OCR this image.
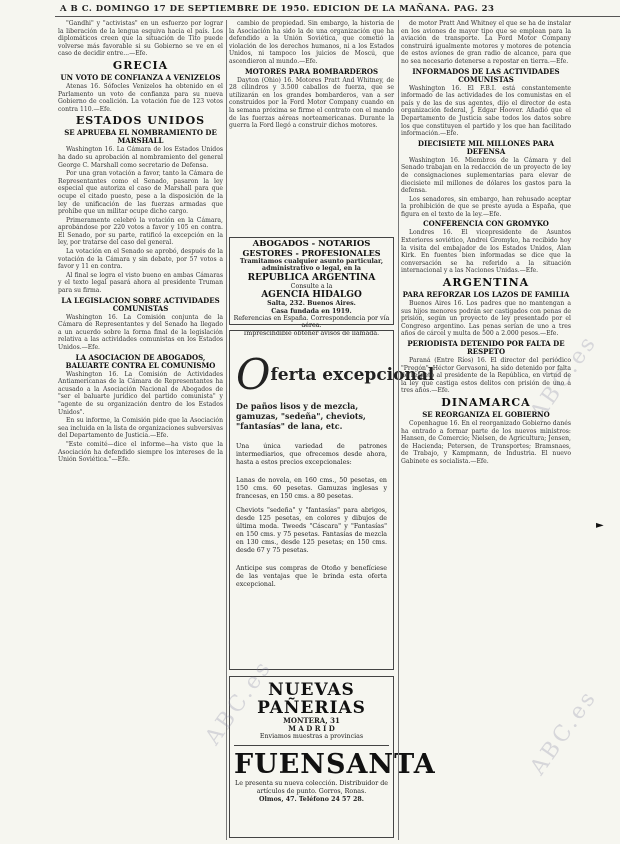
A B C. DOMINGO 17 DE SEPTIEMBRE DE 1950. EDICION DE LA MAÑANA. PAG. 23

"Gandhi" y "activistas" en un esfuerzo por lograr la liberación de la lengua esquiva hacia el país. Los diplomáticos creen que la situación de Tito puede volverse más favorable si su Gobierno se ve en el caso de decidir entre...—Efe.

GRECIA
UN VOTO DE CONFIANZA A VENIZELOS

Atenas 16. Sófocles Venizelos ha obtenido en el Parlamento un voto de confianza para su nueva Gobierno de coalición. La votación fue de 123 votos contra 110.—Efe.

ESTADOS UNIDOS
SE APRUEBA EL NOMBRAMIENTO DE MARSHALL

Washington 16. La Cámara de los Estados Unidos ha dado su aprobación al nombramiento del general George C. Marshall como secretario de Defensa.

Por una gran votación a favor, tanto la Cámara de Representantes como el Senado, pasaron la ley especial que autoriza el caso de Marshall para que ocupe el citado puesto, pese a la disposición de la ley de unificación de las fuerzas armadas que prohíbe que un militar ocupe dicho cargo.

Primeramente celebró la votación en la Cámara, aprobándose por 220 votos a favor y 105 en contra. El Senado, por su parte, ratificó la excepción en la ley, por tratarse del caso del general.

La votación en el Senado se aprobó, después de la votación de la Cámara y sin debate, por 57 votos a favor y 11 en contra.

Al final se logra el visto bueno en ambas Cámaras y el texto legal pasará ahora al presidente Truman para su firma.

LA LEGISLACION SOBRE ACTIVIDADES COMUNISTAS

Washington 16. La Comisión conjunta de la Cámara de Representantes y del Senado ha llegado a un acuerdo sobre la forma final de la legislación relativa a las actividades comunistas en los Estados Unidos.—Efe.

LA ASOCIACION DE ABOGADOS, BALUARTE CONTRA EL COMUNISMO

Washington 16. La Comisión de Actividades Antiamericanas de la Cámara de Representantes ha acusado a la Asociación Nacional de Abogados de "ser el baluarte jurídico del partido comunista" y "agente de su organización dentro de los Estados Unidos".

En su informe, la Comisión pide que la Asociación sea incluida en la lista de organizaciones subversivas del Departamento de Justicia.—Efe.

"Este comité—dice el informe—ha visto que la Asociación ha defendido siempre los intereses de la Unión Soviética."—Efe.

cambio de propiedad. Sin embargo, la historia de la Asociación ha sido la de una organización que ha defendido a la Unión Soviética, que cometió la violación de los derechos humanos, ni a los Estados Unidos, ni tampoco los juicios de Moscú, que ascendieron al mundo.—Efe.

MOTORES PARA BOMBARDEROS

Dayton (Ohio) 16. Motores Pratt And Whitney, de 28 cilindros y 3.500 caballos de fuerza, que se utilizarán en los grandes bombarderos, van a ser construidos por la Ford Motor Company cuando en la semana próxima se firme el contrato con el mando de las fuerzas aéreas norteamericanas. Durante la guerra la Ford llegó a construir dichos motores.

ABOGADOS - NOTARIOS
GESTORES - PROFESIONALES
Tramitamos cualquier asunto particular, administrativo o legal, en la
REPUBLICA ARGENTINA
Consulte a la
AGENCIA HIDALGO
Salta, 232. Buenos Aires.
Casa fundada en 1919.
Referencias en España. Correspondencia por vía aérea.
Imprescindible obtener avisos de llamada.
Oferta excepcional
De paños lisos y de mezcla, gamuzas, "sedeña", cheviots, "fantasías" de lana, etc.
Una única variedad de patrones intermediarios, que ofrecemos desde ahora, hasta a estos precios excepcionales:
Lanas de novela, en 160 cms., 50 pesetas, en 150 cms. 60 pesetas. Gamuzas inglesas y francesas, en 150 cms. a 80 pesetas.
Cheviots "sedeña" y "fantasías" para abrigos, desde 125 pesetas, en colores y dibujos de última moda. Tweeds "Cáscara" y "Fantasías" en 150 cms. y 75 pesetas. Fantasías de mezcla en 130 cms., desde 125 pesetas; en 150 cms. desde 67 y 75 pesetas.
Anticipe sus compras de Otoño y benefíciese de las ventajas que le brinda esta oferta excepcional.
NUEVAS PAÑERIAS
MONTERA, 31
M A D R I D
Enviamos muestras a provincias
FUENSANTA
Le presenta su nueva colección. Distribuidor de artículos de punto. Gorros, Ronas.
Olmos, 47. Teléfono 24 57 28.

de motor Pratt And Whitney el que se ha de instalar en los aviones de mayor tipo que se emplean para la aviación de transporte. La Ford Motor Company construirá igualmente motores y motores de potencia de estos aviones de gran radio de alcance, para que no sea necesario detenerse a repostar en tierra.—Efe.

INFORMADOS DE LAS ACTIVIDADES COMUNISTAS

Washington 16. El F.B.I. está constantemente informado de las actividades de los comunistas en el país y de las de sus agentes, dijo el director de esta organización federal, J. Edgar Hoover. Añadió que el Departamento de Justicia sabe todos los datos sobre los que constituyen el partido y los que han facilitado información.—Efe.

DIECISIETE MIL MILLONES PARA DEFENSA

Washington 16. Miembros de la Cámara y del Senado trabajan en la redacción de un proyecto de ley de consignaciones suplementarias para elevar de diecisiete mil millones de dólares los gastos para la defensa.

Los senadores, sin embargo, han rehusado aceptar la prohibición de que se preste ayuda a España, que figura en el texto de la ley.—Efe.

CONFERENCIA CON GROMYKO

Londres 16. El vicepresidente de Asuntos Exteriores soviético, Andrei Gromyko, ha recibido hoy la visita del embajador de los Estados Unidos, Alan Kirk. En fuentes bien informadas se dice que la conversación se ha referido a la situación internacional y a las Naciones Unidas.—Efe.

ARGENTINA
PARA REFORZAR LOS LAZOS DE FAMILIA

Buenos Aires 16. Los padres que no mantengan a sus hijos menores podrán ser castigados con penas de prisión, según un proyecto de ley presentado por el Congreso argentino. Las penas serían de uno a tres años de cárcel y multa de 500 a 2.000 pesos.—Efe.

PERIODISTA DETENIDO POR FALTA DE RESPETO

Paraná (Entre Ríos) 16. El director del periódico "Pregón", Héctor Gervasoni, ha sido detenido por falta de respeto al presidente de la República, en virtud de la ley que castiga estos delitos con prisión de uno a tres años.—Efe.

DINAMARCA
SE REORGANIZA EL GOBIERNO

Copenhague 16. En el reorganizado Gobierno danés ha entrado a formar parte de los nuevos ministros: Hansen, de Comercio; Nielsen, de Agricultura; Jensen, de Hacienda; Petersen, de Transportes; Bramsnaes, de Trabajo, y Kampmann, de Industria. El nuevo Gabinete es socialista.—Efe.

ABC.es	ABC.es
ABC.es
►
